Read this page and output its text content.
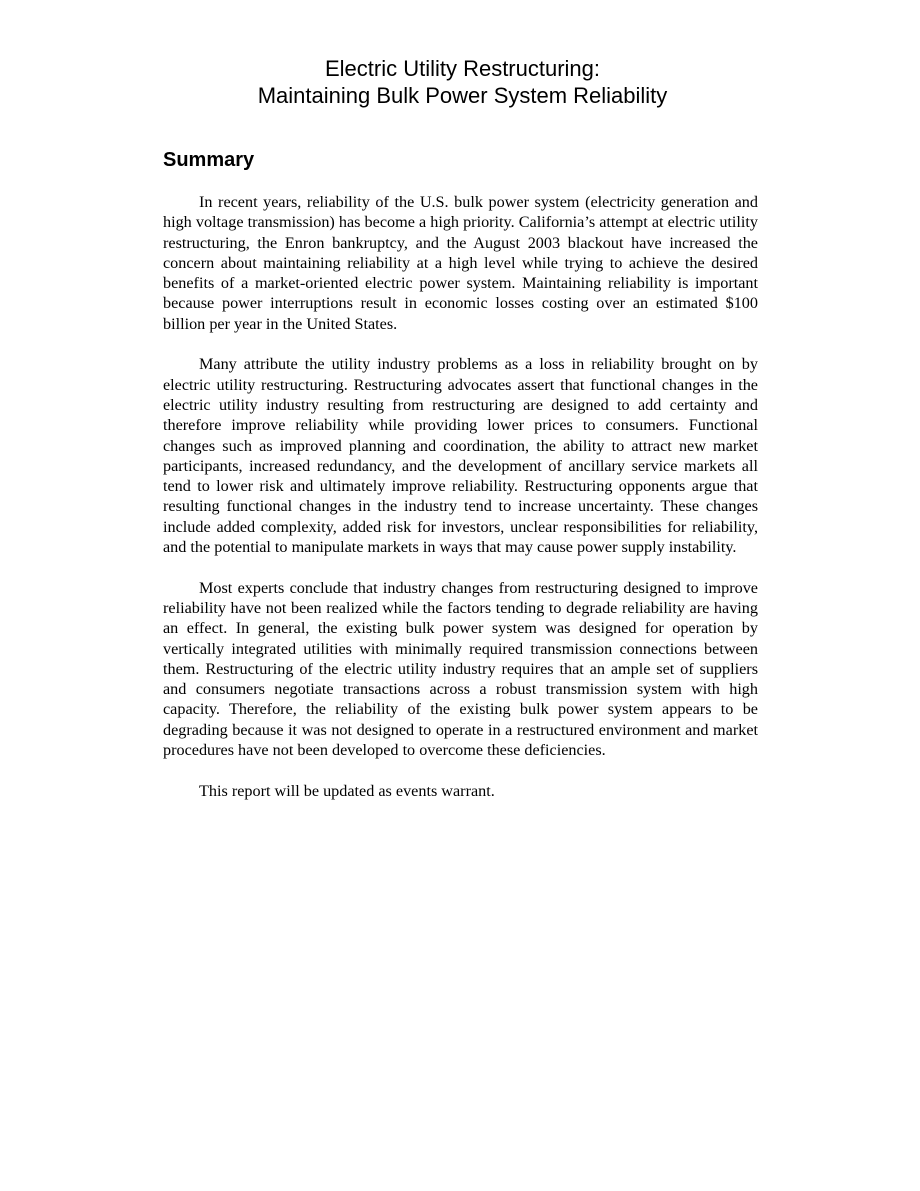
Electric Utility Restructuring:
Maintaining Bulk Power System Reliability
Summary

In recent years, reliability of the U.S. bulk power system (electricity generation and high voltage transmission) has become a high priority. California’s attempt at electric utility restructuring, the Enron bankruptcy, and the August 2003 blackout have increased the concern about maintaining reliability at a high level while trying to achieve the desired benefits of a market-oriented electric power system. Maintaining reliability is important because power interruptions result in economic losses costing over an estimated $100 billion per year in the United States.

Many attribute the utility industry problems as a loss in reliability brought on by electric utility restructuring. Restructuring advocates assert that functional changes in the electric utility industry resulting from restructuring are designed to add certainty and therefore improve reliability while providing lower prices to consumers. Functional changes such as improved planning and coordination, the ability to attract new market participants, increased redundancy, and the development of ancillary service markets all tend to lower risk and ultimately improve reliability. Restructuring opponents argue that resulting functional changes in the industry tend to increase uncertainty. These changes include added complexity, added risk for investors, unclear responsibilities for reliability, and the potential to manipulate markets in ways that may cause power supply instability.

Most experts conclude that industry changes from restructuring designed to improve reliability have not been realized while the factors tending to degrade reliability are having an effect. In general, the existing bulk power system was designed for operation by vertically integrated utilities with minimally required transmission connections between them. Restructuring of the electric utility industry requires that an ample set of suppliers and consumers negotiate transactions across a robust transmission system with high capacity. Therefore, the reliability of the existing bulk power system appears to be degrading because it was not designed to operate in a restructured environment and market procedures have not been developed to overcome these deficiencies.

This report will be updated as events warrant.
